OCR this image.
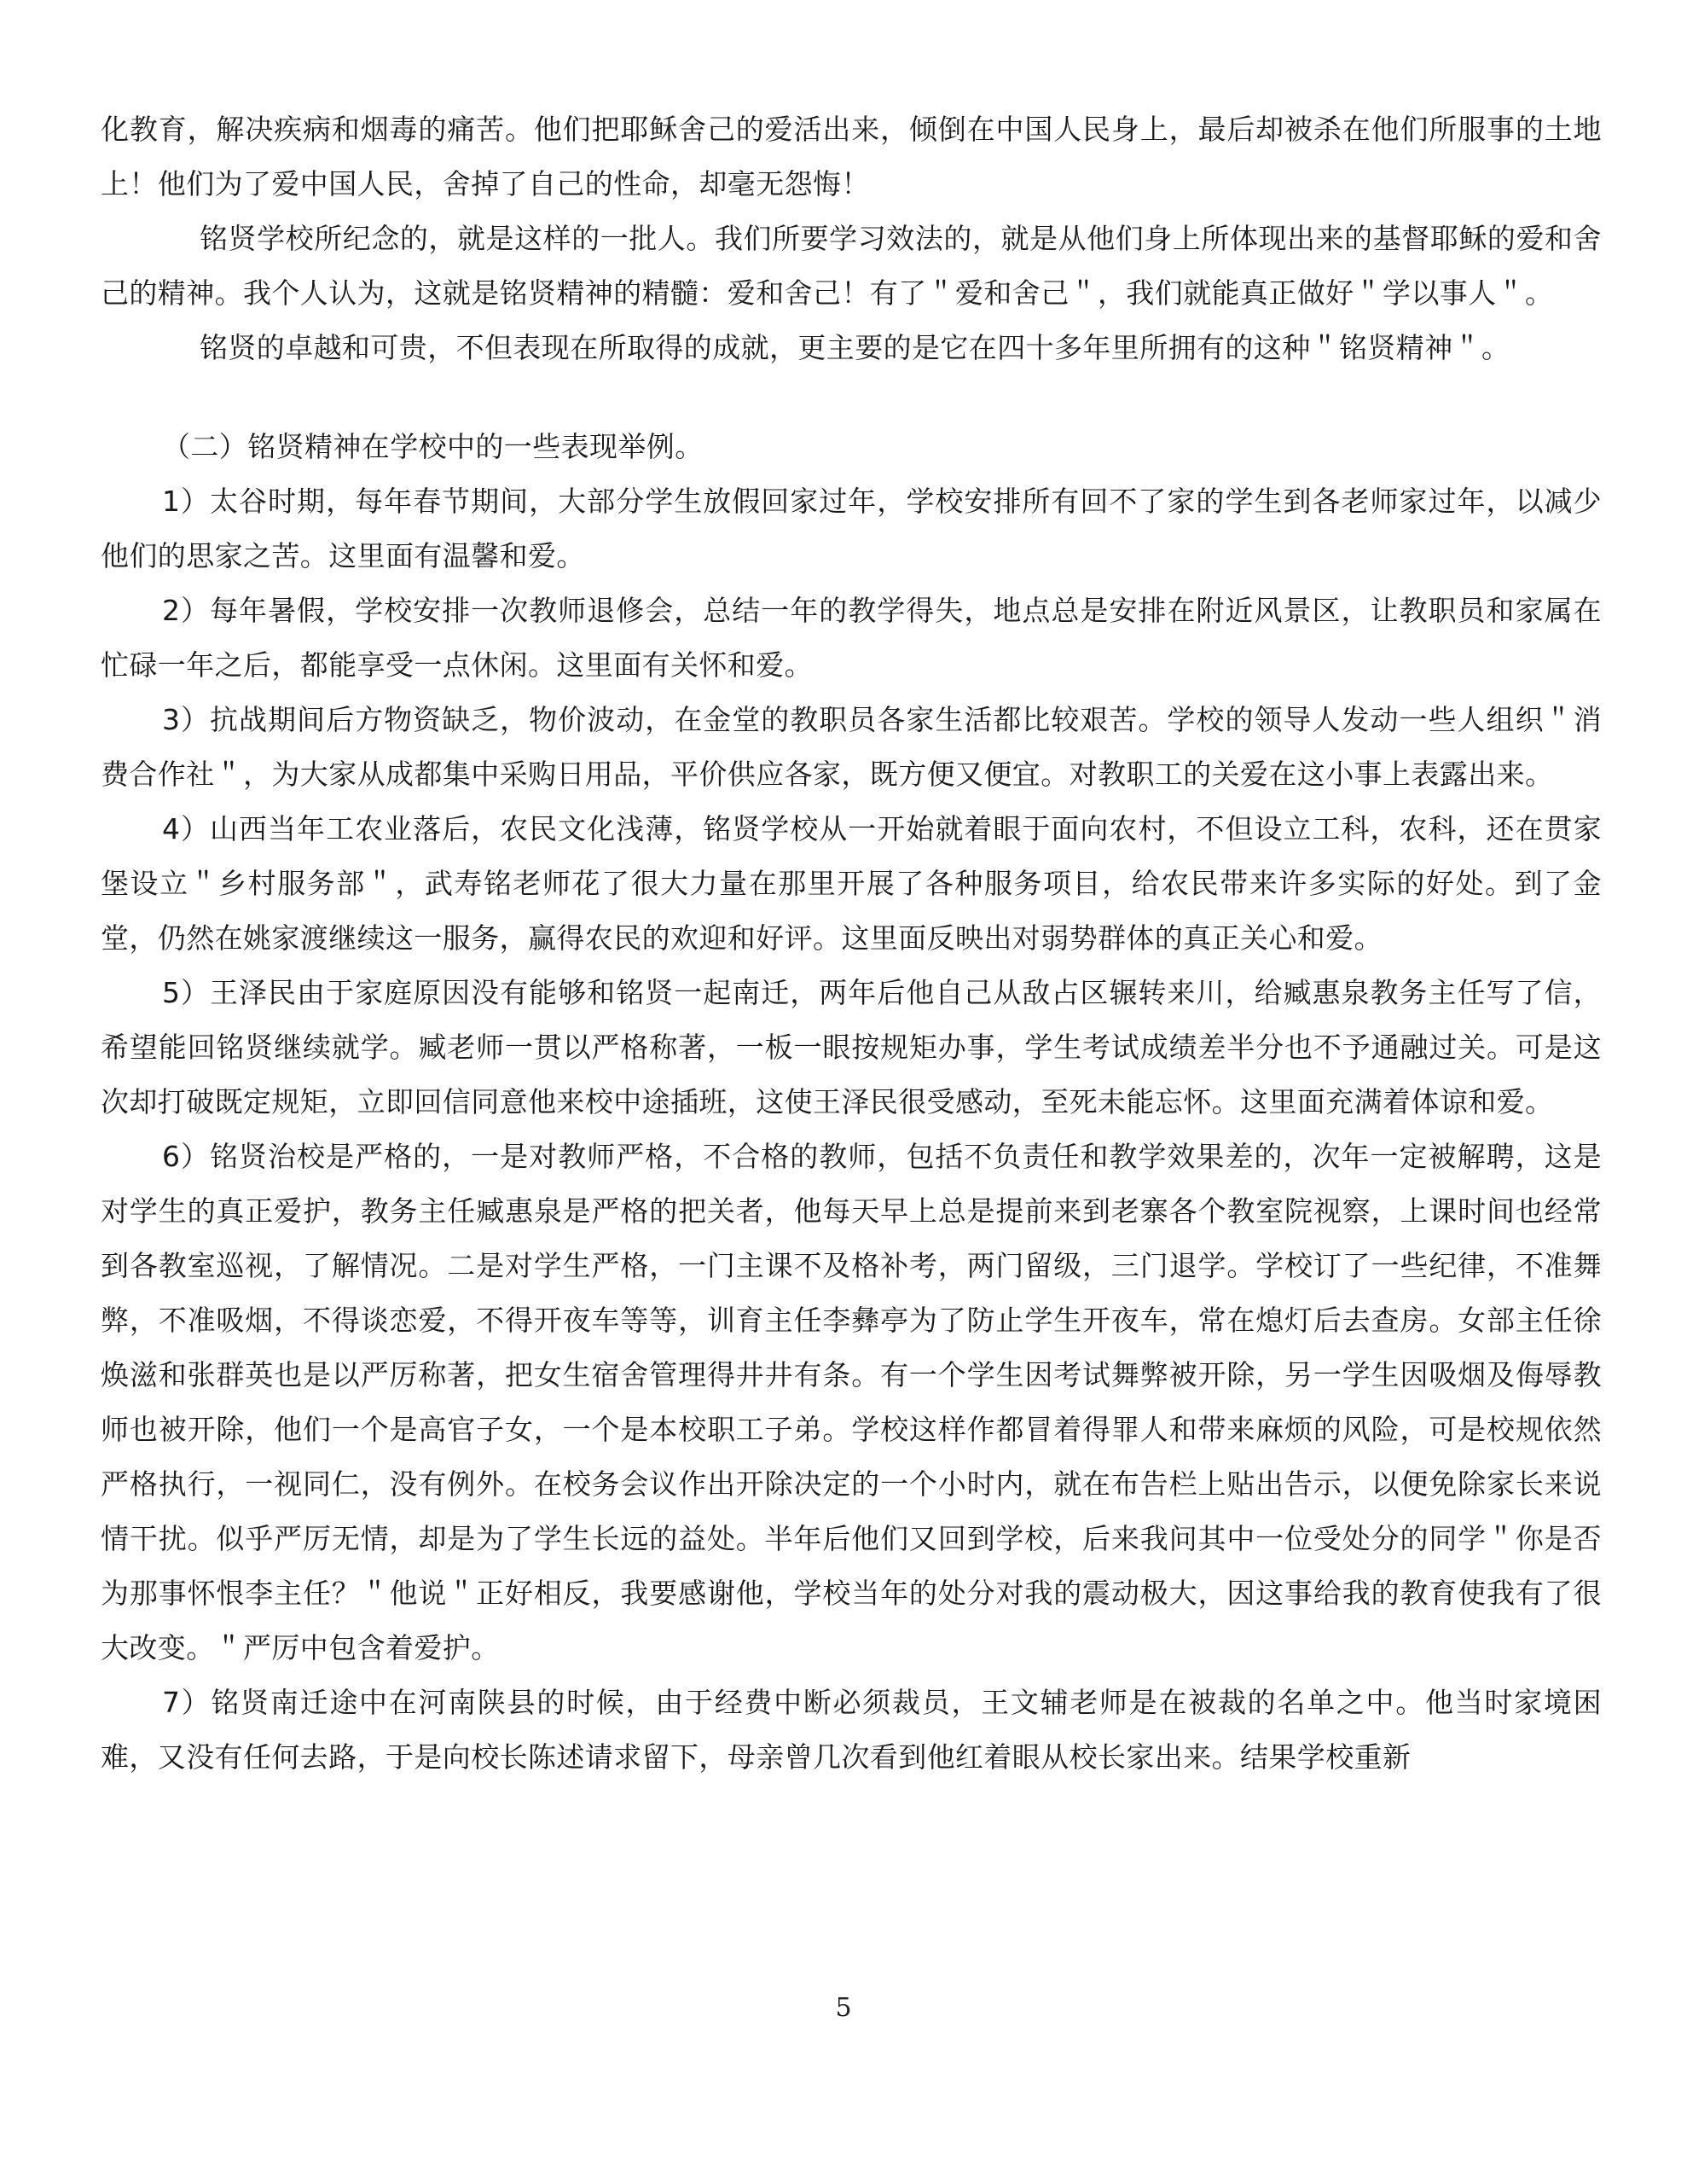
化教育，解决疾病和烟毒的痛苦。他们把耶稣舍己的爱活出来，倾倒在中国人民身上，最后却被杀在他们所服事的土地上！他们为了爱中国人民，舍掉了自己的性命，却毫无怨悔！

铭贤学校所纪念的，就是这样的一批人。我们所要学习效法的，就是从他们身上所体现出来的基督耶稣的爱和舍己的精神。我个人认为，这就是铭贤精神的精髓：爱和舍己！有了＂爱和舍己＂，我们就能真正做好＂学以事人＂。

铭贤的卓越和可贵，不但表现在所取得的成就，更主要的是它在四十多年里所拥有的这种＂铭贤精神＂。

（二）铭贤精神在学校中的一些表现举例。

1）太谷时期，每年春节期间，大部分学生放假回家过年，学校安排所有回不了家的学生到各老师家过年，以减少他们的思家之苦。这里面有温馨和爱。

2）每年暑假，学校安排一次教师退修会，总结一年的教学得失，地点总是安排在附近风景区，让教职员和家属在忙碌一年之后，都能享受一点休闲。这里面有关怀和爱。

3）抗战期间后方物资缺乏，物价波动，在金堂的教职员各家生活都比较艰苦。学校的领导人发动一些人组织＂消费合作社＂，为大家从成都集中采购日用品，平价供应各家，既方便又便宜。对教职工的关爱在这小事上表露出来。

4）山西当年工农业落后，农民文化浅薄，铭贤学校从一开始就着眼于面向农村，不但设立工科，农科，还在贯家堡设立＂乡村服务部＂，武寿铭老师花了很大力量在那里开展了各种服务项目，给农民带来许多实际的好处。到了金堂，仍然在姚家渡继续这一服务，赢得农民的欢迎和好评。这里面反映出对弱势群体的真正关心和爱。

5）王泽民由于家庭原因没有能够和铭贤一起南迁，两年后他自己从敌占区辗转来川，给臧惠泉教务主任写了信，希望能回铭贤继续就学。臧老师一贯以严格称著，一板一眼按规矩办事，学生考试成绩差半分也不予通融过关。可是这次却打破既定规矩，立即回信同意他来校中途插班，这使王泽民很受感动，至死未能忘怀。这里面充满着体谅和爱。

6）铭贤治校是严格的，一是对教师严格，不合格的教师，包括不负责任和教学效果差的，次年一定被解聘，这是对学生的真正爱护，教务主任臧惠泉是严格的把关者，他每天早上总是提前来到老寨各个教室院视察，上课时间也经常到各教室巡视，了解情况。二是对学生严格，一门主课不及格补考，两门留级，三门退学。学校订了一些纪律，不准舞弊，不准吸烟，不得谈恋爱，不得开夜车等等，训育主任李彝亭为了防止学生开夜车，常在熄灯后去查房。女部主任徐焕滋和张群英也是以严厉称著，把女生宿舍管理得井井有条。有一个学生因考试舞弊被开除，另一学生因吸烟及侮辱教师也被开除，他们一个是高官子女，一个是本校职工子弟。学校这样作都冒着得罪人和带来麻烦的风险，可是校规依然严格执行，一视同仁，没有例外。在校务会议作出开除决定的一个小时内，就在布告栏上贴出告示，以便免除家长来说情干扰。似乎严厉无情，却是为了学生长远的益处。半年后他们又回到学校，后来我问其中一位受处分的同学＂你是否为那事怀恨李主任？＂他说＂正好相反，我要感谢他，学校当年的处分对我的震动极大，因这事给我的教育使我有了很大改变。＂严厉中包含着爱护。

7）铭贤南迁途中在河南陕县的时候，由于经费中断必须裁员，王文辅老师是在被裁的名单之中。他当时家境困难，又没有任何去路，于是向校长陈述请求留下，母亲曾几次看到他红着眼从校长家出来。结果学校重新

5
